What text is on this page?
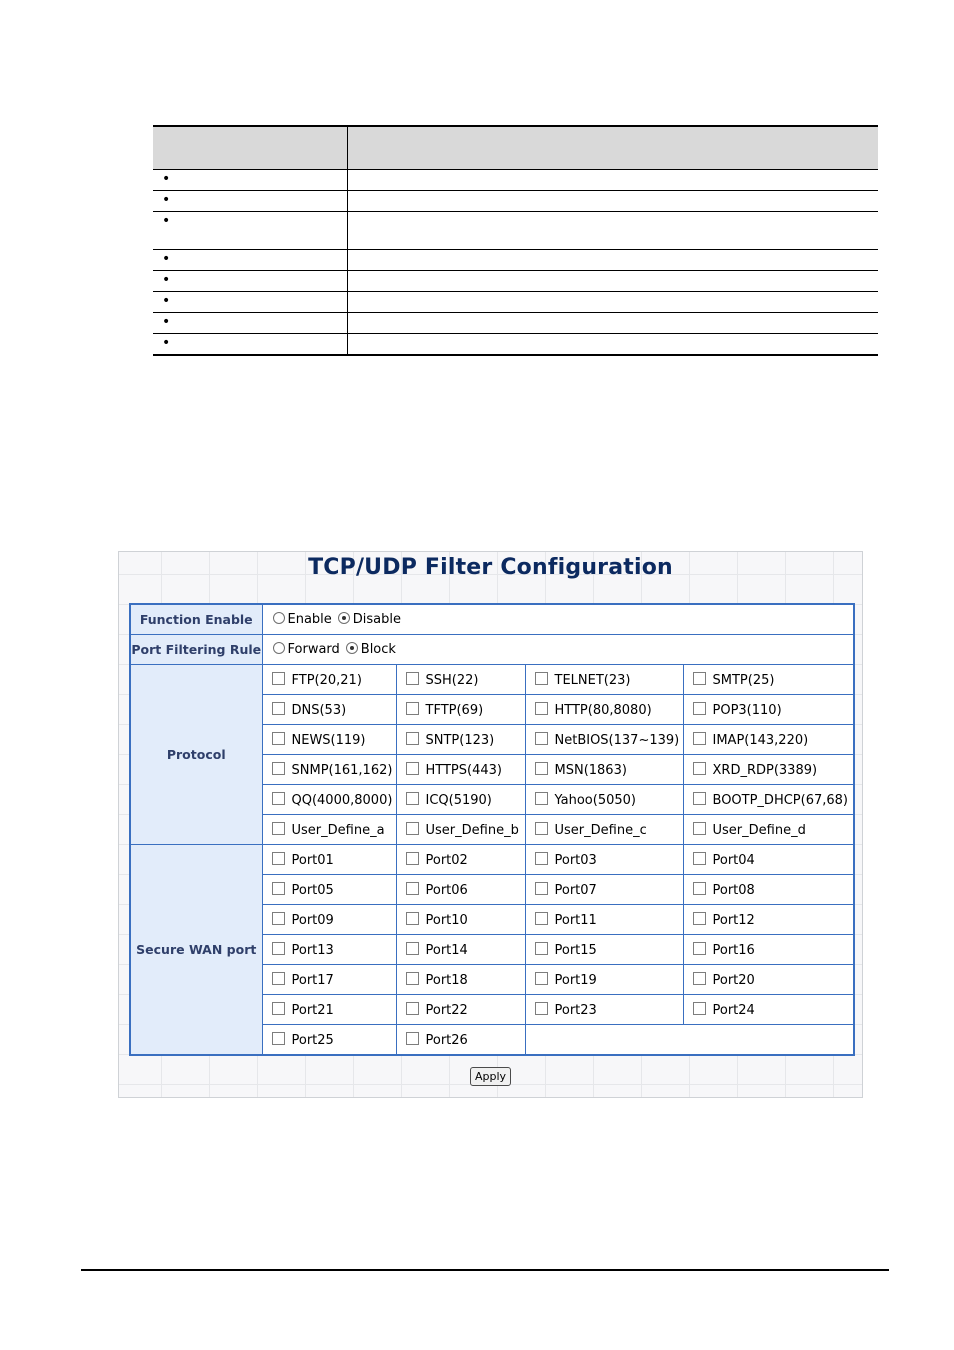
•	
•	
•	
•	
•	
•	
•	
•	
TCP/UDP Filter Configuration
Function Enable	Enable Disable			
Port Filtering Rule	Forward Block			
Protocol	FTP(20,21)	SSH(22)	TELNET(23)	SMTP(25)
	DNS(53)	TFTP(69)	HTTP(80,8080)	POP3(110)
	NEWS(119)	SNTP(123)	NetBIOS(137~139)	IMAP(143,220)
	SNMP(161,162)	HTTPS(443)	MSN(1863)	XRD_RDP(3389)
	QQ(4000,8000)	ICQ(5190)	Yahoo(5050)	BOOTP_DHCP(67,68)
	User_Define_a	User_Define_b	User_Define_c	User_Define_d
Secure WAN port	Port01	Port02	Port03	Port04
	Port05	Port06	Port07	Port08
	Port09	Port10	Port11	Port12
	Port13	Port14	Port15	Port16
	Port17	Port18	Port19	Port20
	Port21	Port22	Port23	Port24
	Port25	Port26		
Apply
